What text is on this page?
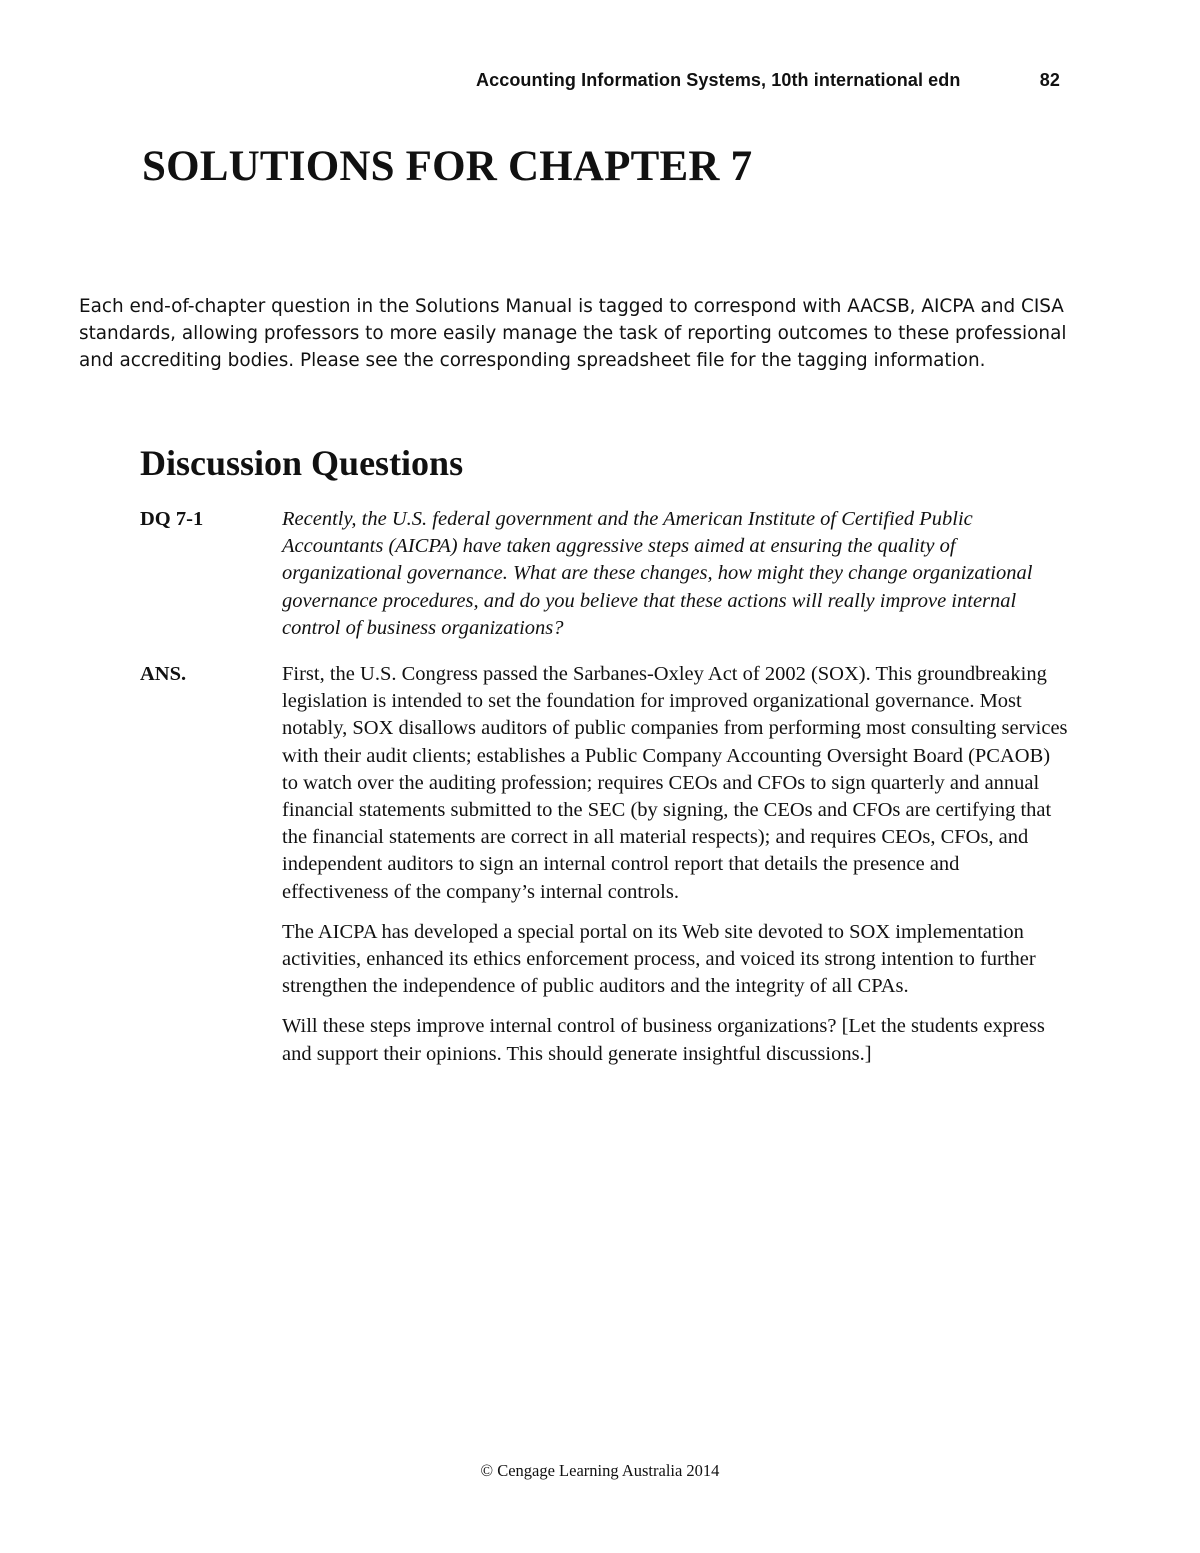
Accounting Information Systems, 10th international edn	82
SOLUTIONS FOR CHAPTER 7

Each end-of-chapter question in the Solutions Manual is tagged to correspond with AACSB, AICPA and CISA standards, allowing professors to more easily manage the task of reporting outcomes to these professional and accrediting bodies. Please see the corresponding spreadsheet file for the tagging information.

Discussion Questions
DQ 7-1	Recently, the U.S. federal government and the American Institute of Certified Public Accountants (AICPA) have taken aggressive steps aimed at ensuring the quality of organizational governance. What are these changes, how might they change organizational governance procedures, and do you believe that these actions will really improve internal control of business organizations?

ANS.	First, the U.S. Congress passed the Sarbanes-Oxley Act of 2002 (SOX). This groundbreaking legislation is intended to set the foundation for improved organizational governance. Most notably, SOX disallows auditors of public companies from performing most consulting services with their audit clients; establishes a Public Company Accounting Oversight Board (PCAOB) to watch over the auditing profession; requires CEOs and CFOs to sign quarterly and annual financial statements submitted to the SEC (by signing, the CEOs and CFOs are certifying that the financial statements are correct in all material respects); and requires CEOs, CFOs, and independent auditors to sign an internal control report that details the presence and effectiveness of the company’s internal controls.

The AICPA has developed a special portal on its Web site devoted to SOX implementation activities, enhanced its ethics enforcement process, and voiced its strong intention to further strengthen the independence of public auditors and the integrity of all CPAs.

Will these steps improve internal control of business organizations? [Let the students express and support their opinions. This should generate insightful discussions.]

© Cengage Learning Australia 2014
